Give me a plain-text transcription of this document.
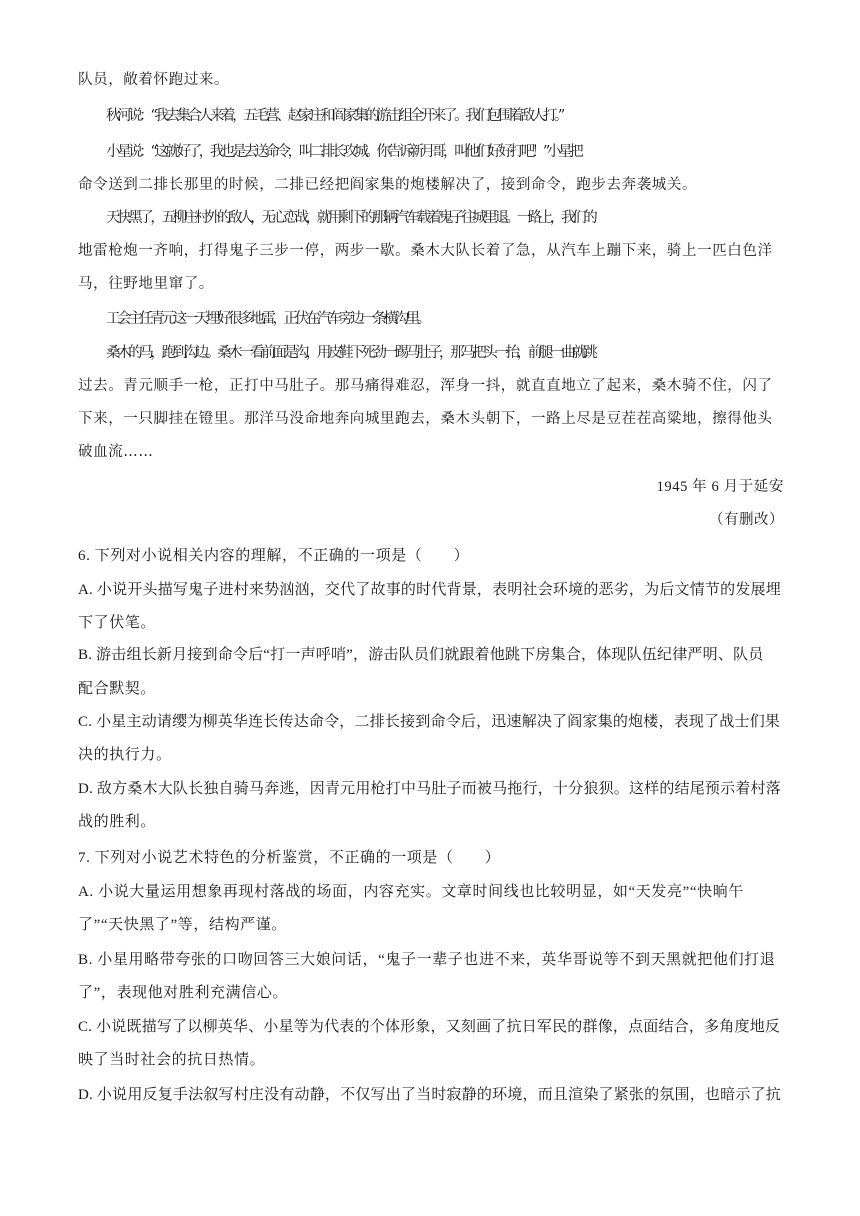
队员，敞着怀跑过来。
秋河说：“我去集合人来着，五毛营、赵家庄和阎家集的游击组全开来了。我们包围着敌人打。”
小星说：“这就好了，我也是去送命令，叫二排长攻城。你告诉新月哥，叫他们好好打吧！”小星把
命令送到二排长那里的时候，二排已经把阎家集的炮楼解决了，接到命令，跑步去奔袭城关。
天快黑了，五柳庄村外的敌人，无心恋战，就用剩下的那辆汽车载着鬼子往城里退。一路上，我们的
地雷枪炮一齐响，打得鬼子三步一停，两步一歇。桑木大队长着了急，从汽车上蹦下来，骑上一匹白色洋
马，往野地里窜了。
工会主任青元这一天埋好很多地雷，正伏在汽车旁边一条横沟里。
桑木的马，跑到沟边。桑木一看前面是沟，用皮鞋下死劲一踢马肚子，那马把头一抬，前腿一曲就跳
过去。青元顺手一枪，正打中马肚子。那马痛得难忍，浑身一抖，就直直地立了起来，桑木骑不住，闪了
下来，一只脚挂在镫里。那洋马没命地奔向城里跑去，桑木头朝下，一路上尽是豆茬茬高粱地，擦得他头
破血流……
1945 年 6 月于延安
（有删改）
6. 下列对小说相关内容的理解，不正确的一项是（　　）
A. 小说开头描写鬼子进村来势汹汹，交代了故事的时代背景，表明社会环境的恶劣，为后文情节的发展埋
下了伏笔。
B. 游击组长新月接到命令后“打一声呼哨”，游击队员们就跟着他跳下房集合，体现队伍纪律严明、队员
配合默契。
C. 小星主动请缨为柳英华连长传达命令，二排长接到命令后，迅速解决了阎家集的炮楼，表现了战士们果
决的执行力。
D. 敌方桑木大队长独自骑马奔逃，因青元用枪打中马肚子而被马拖行，十分狼狈。这样的结尾预示着村落
战的胜利。
7. 下列对小说艺术特色的分析鉴赏，不正确的一项是（　　）
A. 小说大量运用想象再现村落战的场面，内容充实。文章时间线也比较明显，如“天发亮”“快晌午
了”“天快黑了”等，结构严谨。
B. 小星用略带夸张的口吻回答三大娘问话，“鬼子一辈子也进不来，英华哥说等不到天黑就把他们打退
了”，表现他对胜利充满信心。
C. 小说既描写了以柳英华、小星等为代表的个体形象，又刻画了抗日军民的群像，点面结合，多角度地反
映了当时社会的抗日热情。
D. 小说用反复手法叙写村庄没有动静，不仅写出了当时寂静的环境，而且渲染了紧张的氛围，也暗示了抗
